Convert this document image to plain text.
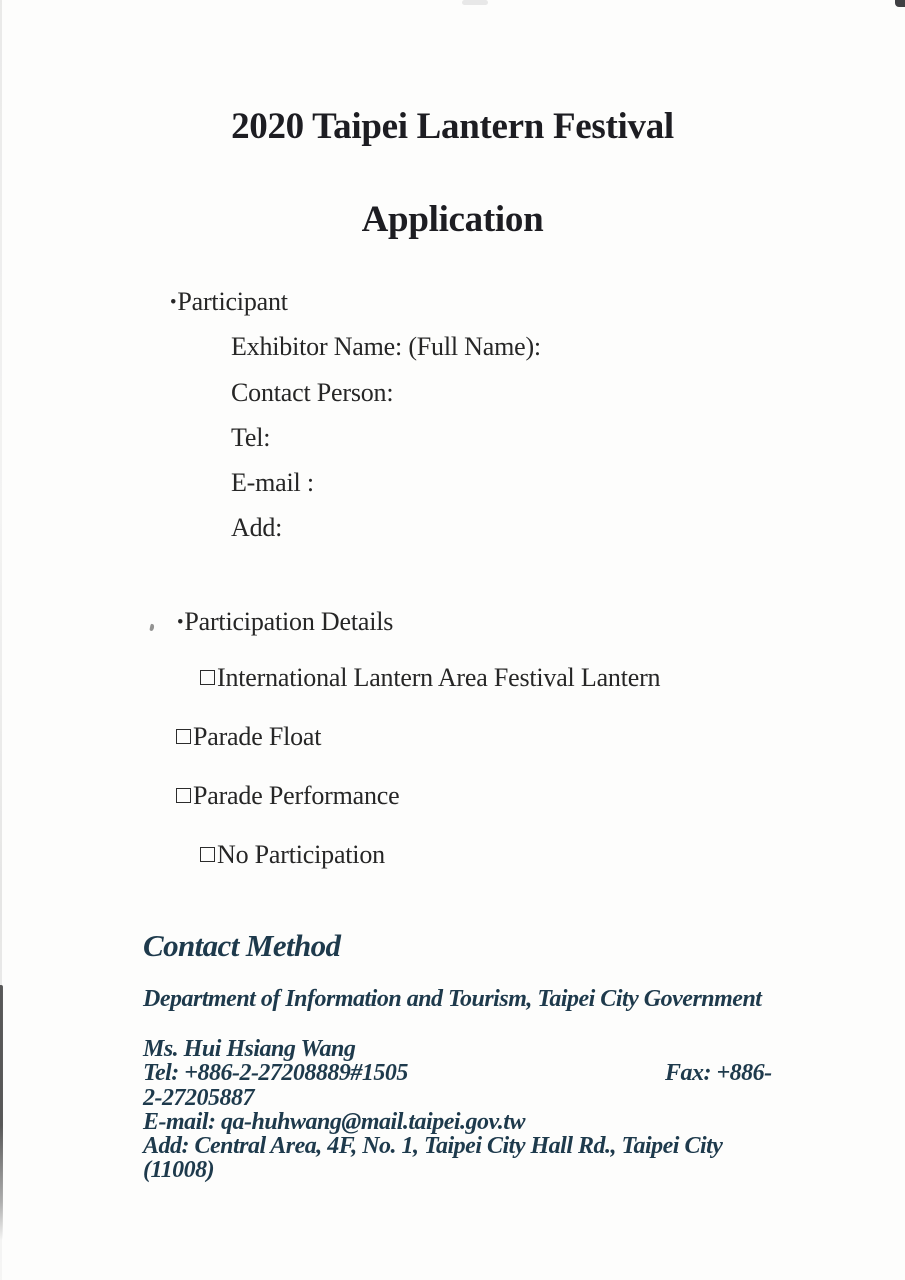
2020 Taipei Lantern Festival
Application
•Participant
Exhibitor Name: (Full Name):
Contact Person:
Tel:
E-mail :
Add:
•Participation Details
International Lantern Area Festival Lantern
Parade Float
Parade Performance
No Participation
Contact Method
Department of Information and Tourism, Taipei City Government
Ms. Hui Hsiang Wang
Tel: +886-2-27208889#1505	Fax: +886-
2-27205887
E-mail: qa-huhwang@mail.taipei.gov.tw
Add: Central Area, 4F, No. 1, Taipei City Hall Rd., Taipei City
(11008)
